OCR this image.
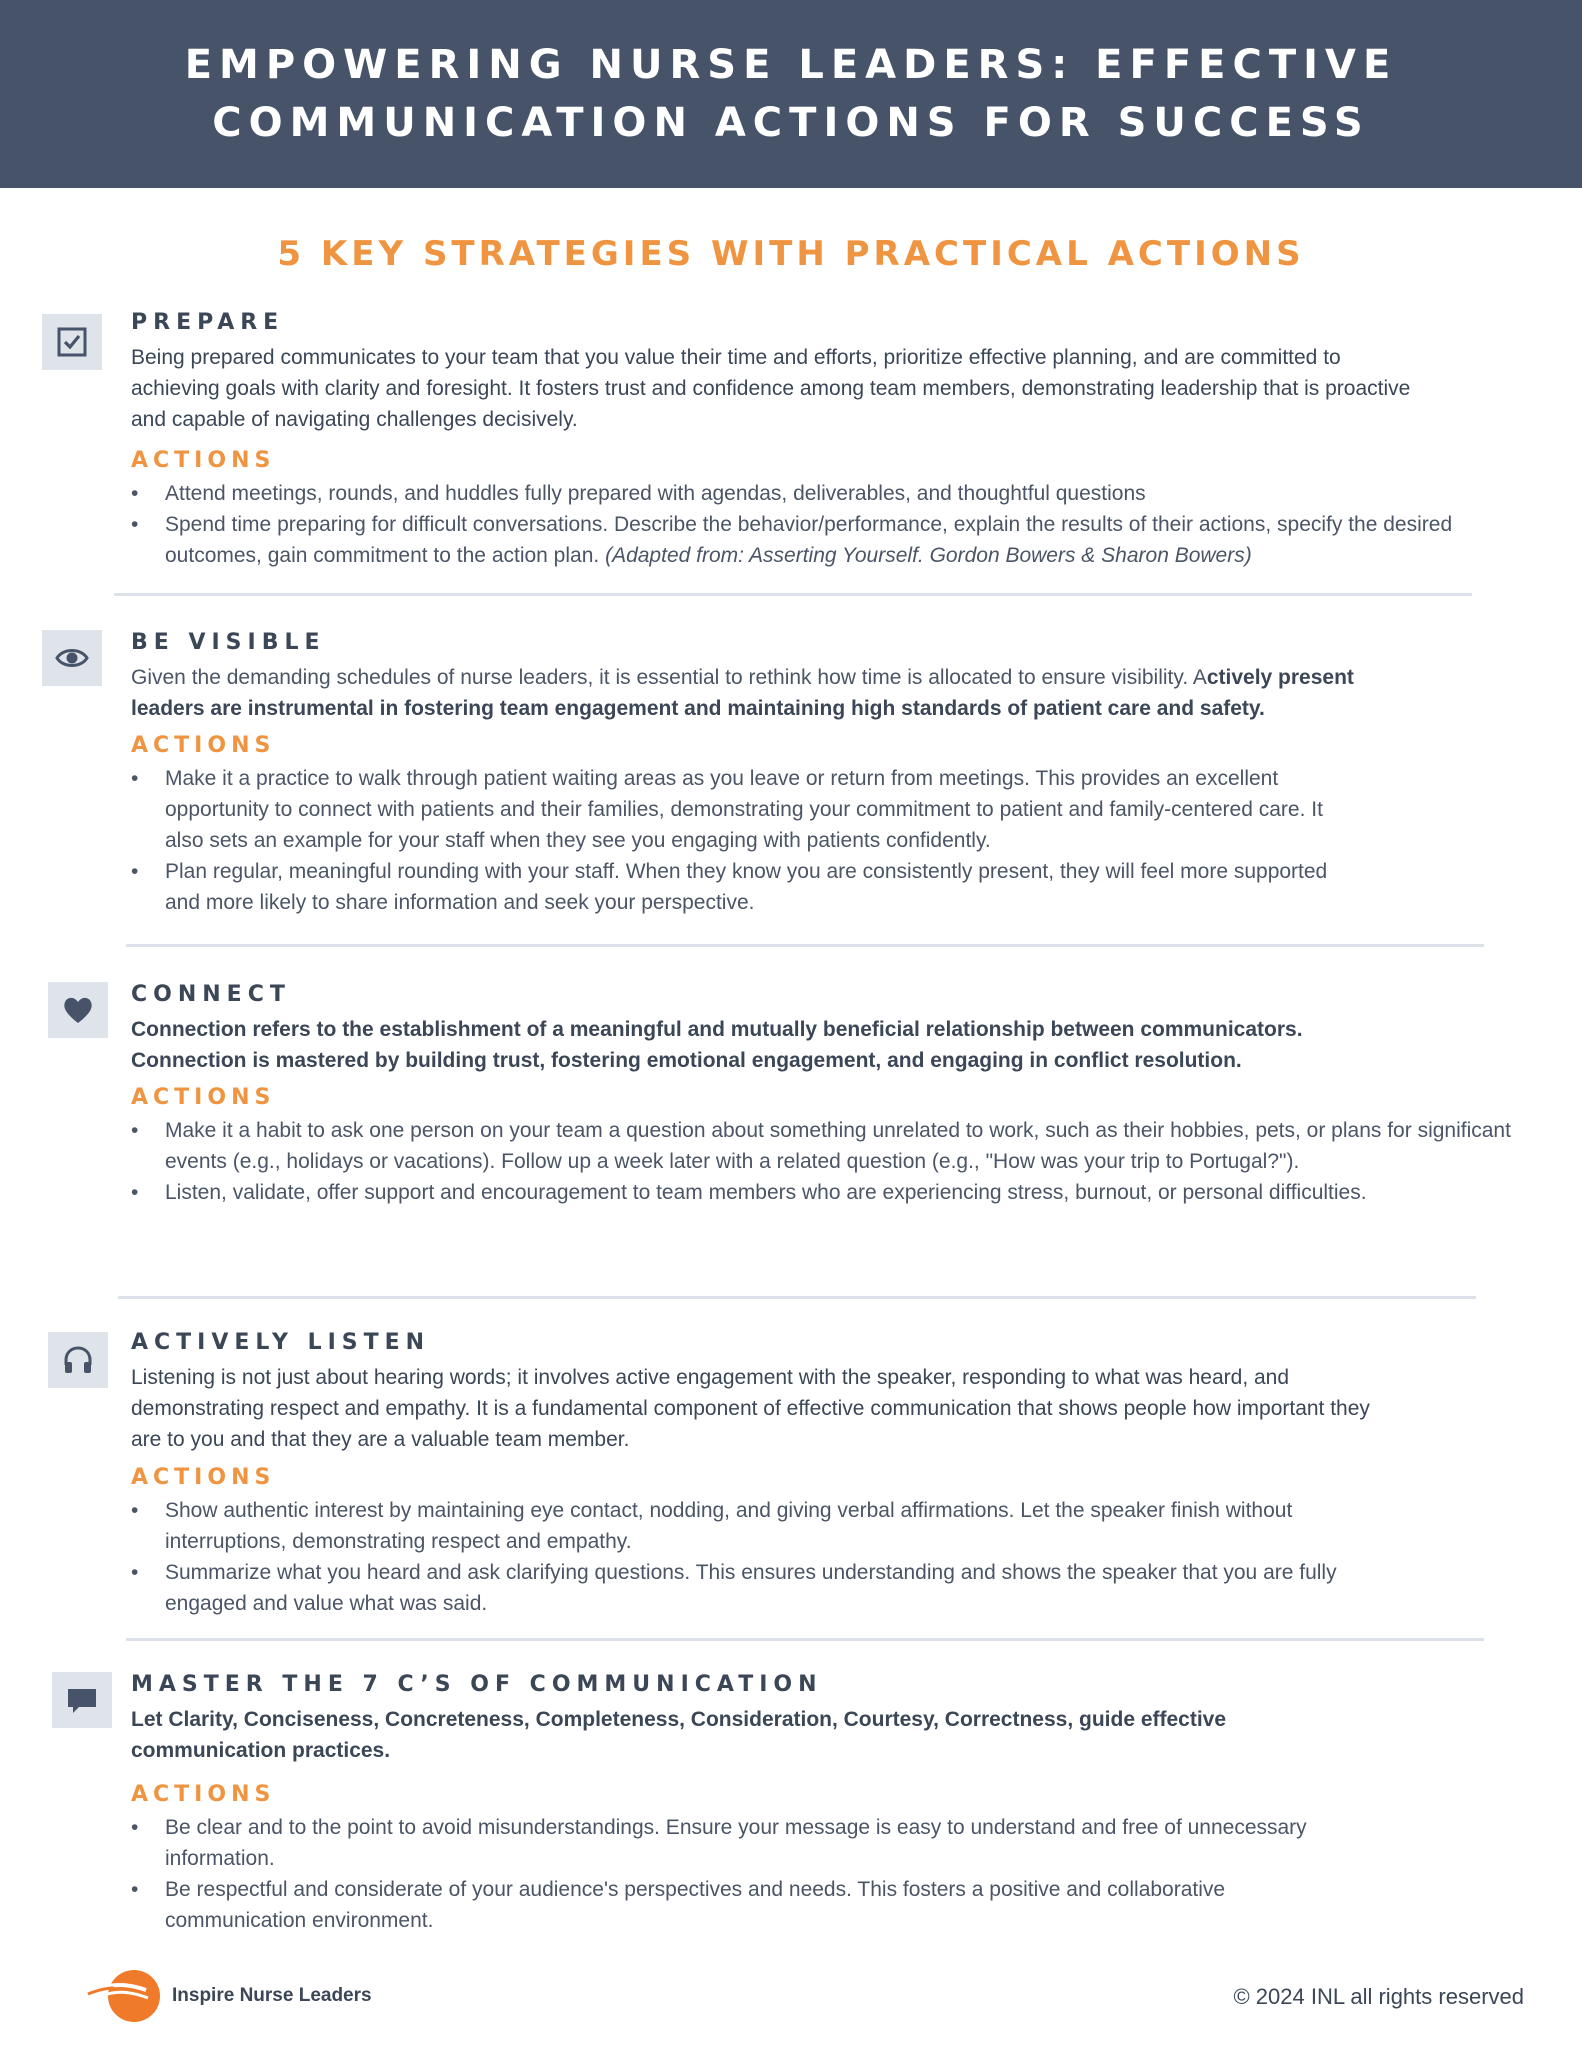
EMPOWERING NURSE LEADERS: EFFECTIVE COMMUNICATION ACTIONS FOR SUCCESS
5 KEY STRATEGIES WITH PRACTICAL ACTIONS
PREPARE
Being prepared communicates to your team that you value their time and efforts, prioritize effective planning, and are committed to achieving goals with clarity and foresight. It fosters trust and confidence among team members, demonstrating leadership that is proactive and capable of navigating challenges decisively.
ACTIONS
• Attend meetings, rounds, and huddles fully prepared with agendas, deliverables, and thoughtful questions
• Spend time preparing for difficult conversations. Describe the behavior/performance, explain the results of their actions, specify the desired outcomes, gain commitment to the action plan. (Adapted from: Asserting Yourself. Gordon Bowers & Sharon Bowers)
BE VISIBLE
Given the demanding schedules of nurse leaders, it is essential to rethink how time is allocated to ensure visibility. Actively present leaders are instrumental in fostering team engagement and maintaining high standards of patient care and safety.
ACTIONS
• Make it a practice to walk through patient waiting areas as you leave or return from meetings. This provides an excellent opportunity to connect with patients and their families, demonstrating your commitment to patient and family-centered care. It also sets an example for your staff when they see you engaging with patients confidently.
• Plan regular, meaningful rounding with your staff. When they know you are consistently present, they will feel more supported and more likely to share information and seek your perspective.
CONNECT
Connection refers to the establishment of a meaningful and mutually beneficial relationship between communicators. Connection is mastered by building trust, fostering emotional engagement, and engaging in conflict resolution.
ACTIONS
• Make it a habit to ask one person on your team a question about something unrelated to work, such as their hobbies, pets, or plans for significant events (e.g., holidays or vacations). Follow up a week later with a related question (e.g., "How was your trip to Portugal?").
• Listen, validate, offer support and encouragement to team members who are experiencing stress, burnout, or personal difficulties.
ACTIVELY LISTEN
Listening is not just about hearing words; it involves active engagement with the speaker, responding to what was heard, and demonstrating respect and empathy. It is a fundamental component of effective communication that shows people how important they are to you and that they are a valuable team member.
ACTIONS
• Show authentic interest by maintaining eye contact, nodding, and giving verbal affirmations. Let the speaker finish without interruptions, demonstrating respect and empathy.
• Summarize what you heard and ask clarifying questions. This ensures understanding and shows the speaker that you are fully engaged and value what was said.
MASTER THE 7 C’S OF COMMUNICATION
Let Clarity, Conciseness, Concreteness, Completeness, Consideration, Courtesy, Correctness, guide effective communication practices.
ACTIONS
• Be clear and to the point to avoid misunderstandings. Ensure your message is easy to understand and free of unnecessary information.
• Be respectful and considerate of your audience's perspectives and needs. This fosters a positive and collaborative communication environment.
Inspire Nurse Leaders	© 2024 INL all rights reserved
